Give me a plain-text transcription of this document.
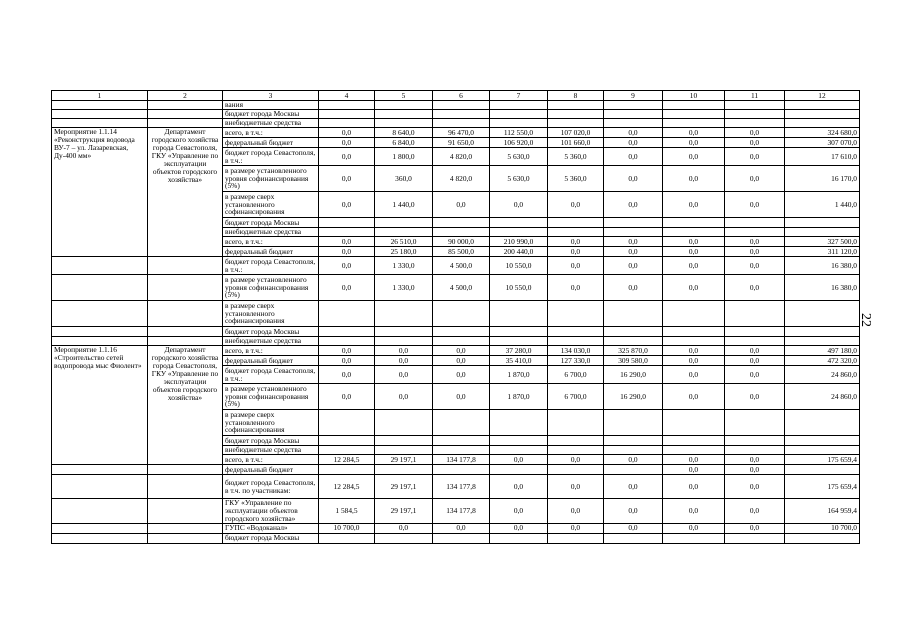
1	2	3	4	5	6	7	8	9	10	11	12
		вания									
		бюджет города Москвы									
		внебюджетные средства									
Мероприятие 1.1.14 «Реконструкция водовода ВУ-7 – ул. Лазаревская, Ду-400 мм»	Департамент городского хозяйства города Севастополя, ГКУ «Управление по эксплуатации объектов городского хозяйства»	всего, в т.ч.:	0,0	8 640,0	96 470,0	112 550,0	107 020,0	0,0	0,0	0,0	324 680,0
		федеральный бюджет	0,0	6 840,0	91 650,0	106 920,0	101 660,0	0,0	0,0	0,0	307 070,0
		бюджет города Севастополя, в т.ч.:	0,0	1 800,0	4 820,0	5 630,0	5 360,0	0,0	0,0	0,0	17 610,0
		в размере установленного уровня софинансирования (5%)	0,0	360,0	4 820,0	5 630,0	5 360,0	0,0	0,0	0,0	16 170,0
		в размере сверх установленного софинансирования	0,0	1 440,0	0,0	0,0	0,0	0,0	0,0	0,0	1 440,0
		бюджет города Москвы									
		внебюджетные средства									
		всего, в т.ч.:	0,0	26 510,0	90 000,0	210 990,0	0,0	0,0	0,0	0,0	327 500,0
		федеральный бюджет	0,0	25 180,0	85 500,0	200 440,0	0,0	0,0	0,0	0,0	311 120,0
		бюджет города Севастополя, в т.ч.:	0,0	1 330,0	4 500,0	10 550,0	0,0	0,0	0,0	0,0	16 380,0
		в размере установленного уровня софинансирования (5%)	0,0	1 330,0	4 500,0	10 550,0	0,0	0,0	0,0	0,0	16 380,0
		в размере сверх установленного софинансирования									
		бюджет города Москвы									
		внебюджетные средства									
Мероприятие 1.1.16 «Строительство сетей водопровода мыс Фиолент»	Департамент городского хозяйства города Севастополя, ГКУ «Управление по эксплуатации объектов городского хозяйства»	всего, в т.ч.:	0,0	0,0	0,0	37 280,0	134 030,0	325 870,0	0,0	0,0	497 180,0
		федеральный бюджет	0,0	0,0	0,0	35 410,0	127 330,0	309 580,0	0,0	0,0	472 320,0
		бюджет города Севастополя, в т.ч.:	0,0	0,0	0,0	1 870,0	6 700,0	16 290,0	0,0	0,0	24 860,0
		в размере установленного уровня софинансирования (5%)	0,0	0,0	0,0	1 870,0	6 700,0	16 290,0	0,0	0,0	24 860,0
		в размере сверх установленного софинансирования									
		бюджет города Москвы									
		внебюджетные средства									
		всего, в т.ч.:	12 284,5	29 197,1	134 177,8	0,0	0,0	0,0	0,0	0,0	175 659,4
		федеральный бюджет							0,0	0,0	
		бюджет города Севастополя, в т.ч. по участникам:	12 284,5	29 197,1	134 177,8	0,0	0,0	0,0	0,0	0,0	175 659,4
		ГКУ «Управление по эксплуатации объектов городского хозяйства»	1 584,5	29 197,1	134 177,8	0,0	0,0	0,0	0,0	0,0	164 959,4
		ГУПС «Водоканал»	10 700,0	0,0	0,0	0,0	0,0	0,0	0,0	0,0	10 700,0
		бюджет города Москвы									
22
